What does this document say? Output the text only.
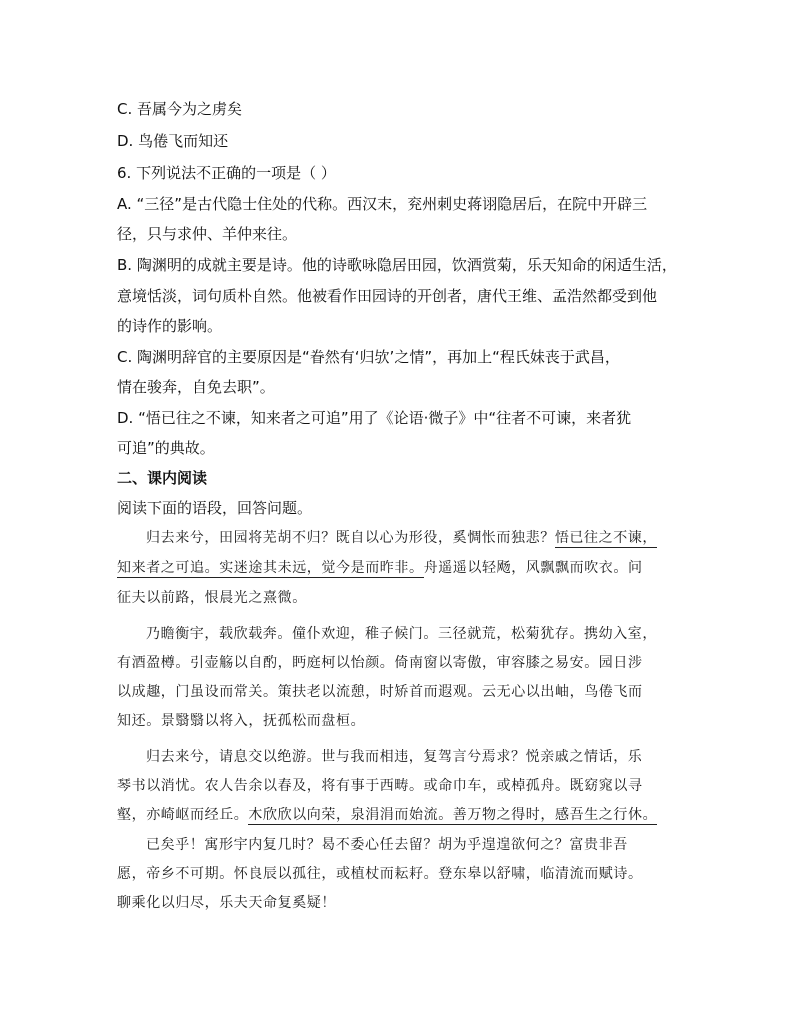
C. 吾属今为之虏矣
D. 鸟倦飞而知还
6. 下列说法不正确的一项是（ ）
A. “三径”是古代隐士住处的代称。西汉末，兖州刺史蒋诩隐居后，在院中开辟三
径，只与求仲、羊仲来往。
B. 陶渊明的成就主要是诗。他的诗歌咏隐居田园，饮酒赏菊，乐天知命的闲适生活，
意境恬淡，词句质朴自然。他被看作田园诗的开创者，唐代王维、孟浩然都受到他
的诗作的影响。
C. 陶渊明辞官的主要原因是“眷然有‘归欤’之情”，再加上“程氏妹丧于武昌，
情在骏奔，自免去职”。
D. “悟已往之不谏，知来者之可追”用了《论语·微子》中“往者不可谏，来者犹
可追”的典故。
二、课内阅读
阅读下面的语段，回答问题。
归去来兮，田园将芜胡不归？既自以心为形役，奚惆怅而独悲？悟已往之不谏，
知来者之可追。实迷途其未远，觉今是而昨非。舟遥遥以轻飏，风飘飘而吹衣。问
征夫以前路，恨晨光之熹微。
乃瞻衡宇，载欣载奔。僮仆欢迎，稚子候门。三径就荒，松菊犹存。携幼入室，
有酒盈樽。引壶觞以自酌，眄庭柯以怡颜。倚南窗以寄傲，审容膝之易安。园日涉
以成趣，门虽设而常关。策扶老以流憩，时矫首而遐观。云无心以出岫，鸟倦飞而
知还。景翳翳以将入，抚孤松而盘桓。
归去来兮，请息交以绝游。世与我而相违，复驾言兮焉求？悦亲戚之情话，乐
琴书以消忧。农人告余以春及，将有事于西畴。或命巾车，或棹孤舟。既窈窕以寻
壑，亦崎岖而经丘。木欣欣以向荣，泉涓涓而始流。善万物之得时，感吾生之行休。
已矣乎！寓形宇内复几时？曷不委心任去留？胡为乎遑遑欲何之？富贵非吾
愿，帝乡不可期。怀良辰以孤往，或植杖而耘耔。登东皋以舒啸，临清流而赋诗。
聊乘化以归尽，乐夫天命复奚疑！
